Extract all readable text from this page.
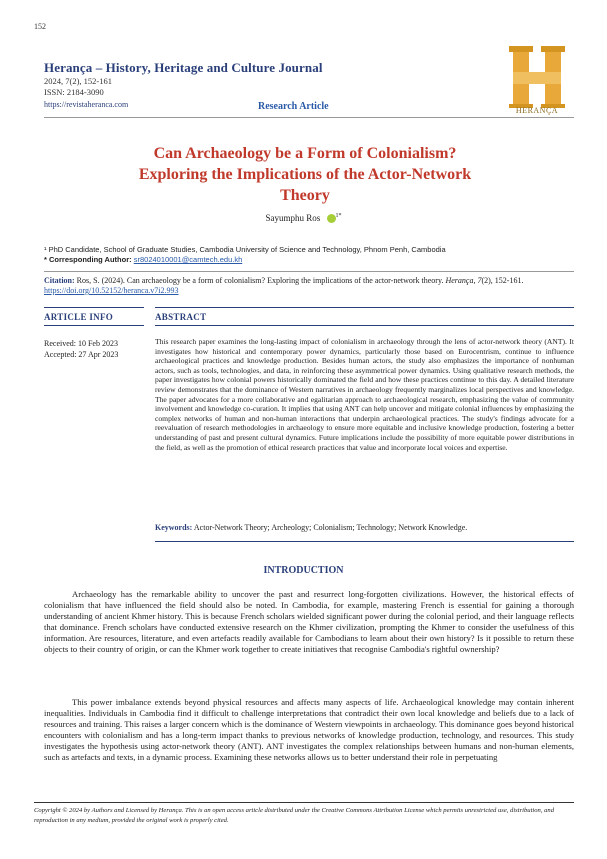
152
Herança – History, Heritage and Culture Journal
2024, 7(2), 152-161
ISSN: 2184-3090
https://revistaheranca.com	Research Article	HERANÇA
Can Archaeology be a Form of Colonialism?
Exploring the Implications of the Actor-Network
Theory
Sayumphu Ros	$^{1*}$
¹ PhD Candidate, School of Graduate Studies, Cambodia University of Science and Technology, Phnom Penh, Cambodia
* Corresponding Author: sr8024010001@camtech.edu.kh
Citation: Ros, S. (2024). Can archaeology be a form of colonialism? Exploring the implications of the actor-network theory. Herança, 7(2), 152-161. https://doi.org/10.52152/heranca.v7i2.993
ARTICLE INFO	ABSTRACT
Received: 10 Feb 2023
Accepted: 27 Apr 2023
This research paper examines the long-lasting impact of colonialism in archaeology through the lens of actor-network theory (ANT). It investigates how historical and contemporary power dynamics, particularly those based on Eurocentrism, continue to influence archaeological practices and knowledge production. Besides human actors, the study also emphasizes the importance of nonhuman actors, such as tools, technologies, and data, in reinforcing these asymmetrical power dynamics. Using qualitative research methods, the paper investigates how colonial powers historically dominated the field and how these practices continue to this day. A detailed literature review demonstrates that the dominance of Western narratives in archaeology frequently marginalizes local perspectives and knowledge. The paper advocates for a more collaborative and egalitarian approach to archaeological research, emphasizing the value of community involvement and knowledge co-curation. It implies that using ANT can help uncover and mitigate colonial influences by emphasizing the complex networks of human and non-human interactions that underpin archaeological practices. The study's findings advocate for a reevaluation of research methodologies in archaeology to ensure more equitable and inclusive knowledge production, fostering a better understanding of past and present cultural dynamics. Future implications include the possibility of more equitable power distributions in the field, as well as the promotion of ethical research practices that value and incorporate local voices and expertise.
Keywords: Actor-Network Theory; Archeology; Colonialism; Technology; Network Knowledge.
INTRODUCTION
Archaeology has the remarkable ability to uncover the past and resurrect long-forgotten civilizations. However, the historical effects of colonialism that have influenced the field should also be noted. In Cambodia, for example, mastering French is essential for gaining a thorough understanding of ancient Khmer history. This is because French scholars wielded significant power during the colonial period, and their language reflects that dominance. French scholars have conducted extensive research on the Khmer civilization, prompting the Khmer to consider the usefulness of this information. Are resources, literature, and even artefacts readily available for Cambodians to learn about their own history? Is it possible to return these objects to their country of origin, or can the Khmer work together to create initiatives that recognise Cambodia's rightful ownership?
This power imbalance extends beyond physical resources and affects many aspects of life. Archaeological knowledge may contain inherent inequalities. Individuals in Cambodia find it difficult to challenge interpretations that contradict their own local knowledge and beliefs due to a lack of resources and training. This raises a larger concern which is the dominance of Western viewpoints in archaeology. This dominance goes beyond historical encounters with colonialism and has a long-term impact thanks to previous networks of knowledge production, technology, and resources. This study investigates the hypothesis using actor-network theory (ANT). ANT investigates the complex relationships between humans and non-human elements, such as artefacts and texts, in a dynamic process. Examining these networks allows us to better understand their role in perpetuating
Copyright © 2024 by Authors and Licensed by Herança. This is an open access article distributed under the Creative Commons Attribution License which permits unrestricted use, distribution, and reproduction in any medium, provided the original work is properly cited.
